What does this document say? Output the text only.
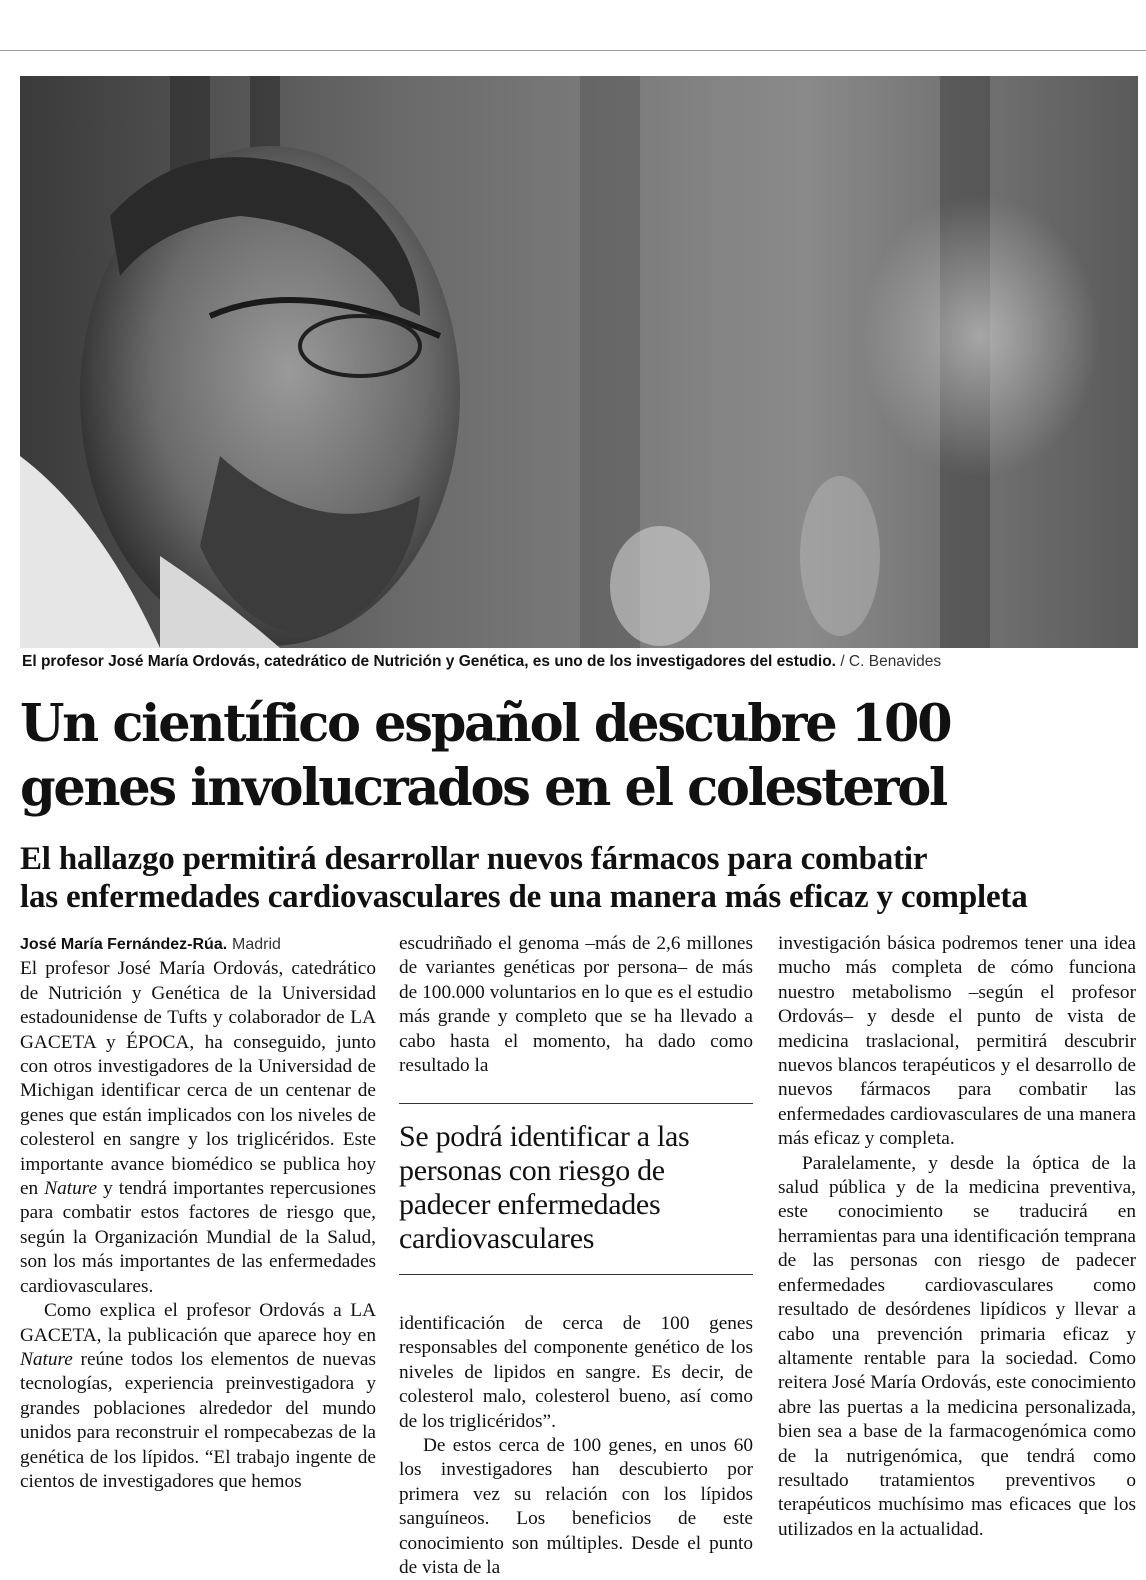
El profesor José María Ordovás, catedrático de Nutrición y Genética, es uno de los investigadores del estudio. / C. Benavides
Un científico español descubre 100
genes involucrados en el colesterol
El hallazgo permitirá desarrollar nuevos fármacos para combatir
las enfermedades cardiovasculares de una manera más eficaz y completa

José María Fernández-Rúa. Madrid

El profesor José María Ordovás, catedrático de Nutrición y Genética de la Universidad estadounidense de Tufts y colaborador de LA GACETA y ÉPOCA, ha conseguido, junto con otros investigadores de la Universidad de Michigan identificar cerca de un centenar de genes que están implicados con los niveles de colesterol en sangre y los triglicéridos. Este importante avance biomédico se publica hoy en Nature y tendrá importantes repercusiones para combatir estos factores de riesgo que, según la Organización Mundial de la Salud, son los más importantes de las enfermedades cardiovasculares.

Como explica el profesor Ordovás a LA GACETA, la publicación que aparece hoy en Nature reúne todos los elementos de nuevas tecnologías, experiencia preinvestigadora y grandes poblaciones alrededor del mundo unidos para reconstruir el rompecabezas de la genética de los lípidos. “El trabajo ingente de cientos de investigadores que hemos

escudriñado el genoma –más de 2,6 millones de variantes genéticas por persona– de más de 100.000 voluntarios en lo que es el estudio más grande y completo que se ha llevado a cabo hasta el momento, ha dado como resultado la

Se podrá identificar a las personas con riesgo de padecer enfermedades cardiovasculares

identificación de cerca de 100 genes responsables del componente genético de los niveles de lipidos en sangre. Es decir, de colesterol malo, colesterol bueno, así como de los triglicéridos”.

De estos cerca de 100 genes, en unos 60 los investigadores han descubierto por primera vez su relación con los lípidos sanguíneos. Los beneficios de este conocimiento son múltiples. Desde el punto de vista de la

investigación básica podremos tener una idea mucho más completa de cómo funciona nuestro metabolismo –según el profesor Ordovás– y desde el punto de vista de medicina traslacional, permitirá descubrir nuevos blancos terapéuticos y el desarrollo de nuevos fármacos para combatir las enfermedades cardiovasculares de una manera más eficaz y completa.

Paralelamente, y desde la óptica de la salud pública y de la medicina preventiva, este conocimiento se traducirá en herramientas para una identificación temprana de las personas con riesgo de padecer enfermedades cardiovasculares como resultado de desórdenes lipídicos y llevar a cabo una prevención primaria eficaz y altamente rentable para la sociedad. Como reitera José María Ordovás, este conocimiento abre las puertas a la medicina personalizada, bien sea a base de la farmacogenómica como de la nutrigenómica, que tendrá como resultado tratamientos preventivos o terapéuticos muchísimo mas eficaces que los utilizados en la actualidad.
